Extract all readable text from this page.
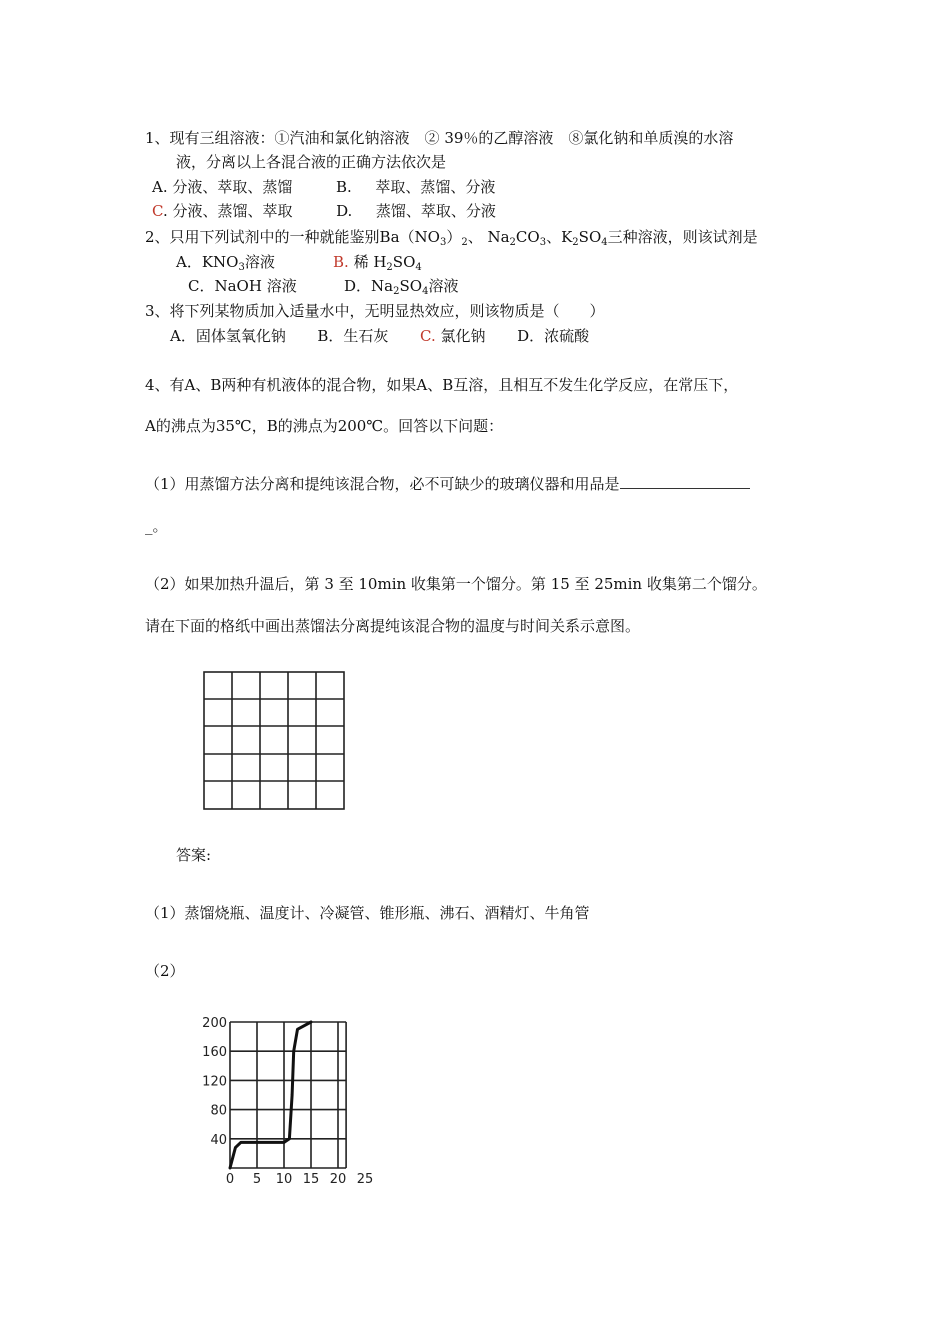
1、现有三组溶液：①汽油和氯化钠溶液　② 39％的乙醇溶液　⑧氯化钠和单质溴的水溶
液，分离以上各混合液的正确方法依次是
A. 分液、萃取、蒸馏	B. 萃取、蒸馏、分液
C. 分液、蒸馏、萃取	D. 蒸馏、萃取、分液
2、只用下列试剂中的一种就能鉴别$Ba(NO_3)_2$、 $Na_2CO_3$、$K_2SO_4$三种溶液，则该试剂是
A．$KNO_3$溶液	B. 稀 $H_2SO_4$
C．NaOH 溶液	D．$Na_2SO_4$溶液
3、将下列某物质加入适量水中，无明显热效应，则该物质是（　　）
A．固体氢氧化钠 B．生石灰 C. 氯化钠 D．浓硫酸
4、有A、B两种有机液体的混合物，如果A、B互溶，且相互不发生化学反应，在常压下，
A的沸点为35℃，B的沸点为200℃。回答以下问题：
（1）用蒸馏方法分离和提纯该混合物，必不可缺少的玻璃仪器和用品是
_。
（2）如果加热升温后，第 3 至 10min 收集第一个馏分。第 15 至 25min 收集第二个馏分。
请在下面的格纸中画出蒸馏法分离提纯该混合物的温度与时间关系示意图。
答案:
（1）蒸馏烧瓶、温度计、冷凝管、锥形瓶、沸石、酒精灯、牛角管
（2）
40
80
120
160
200
0 5 10 15 20 25
